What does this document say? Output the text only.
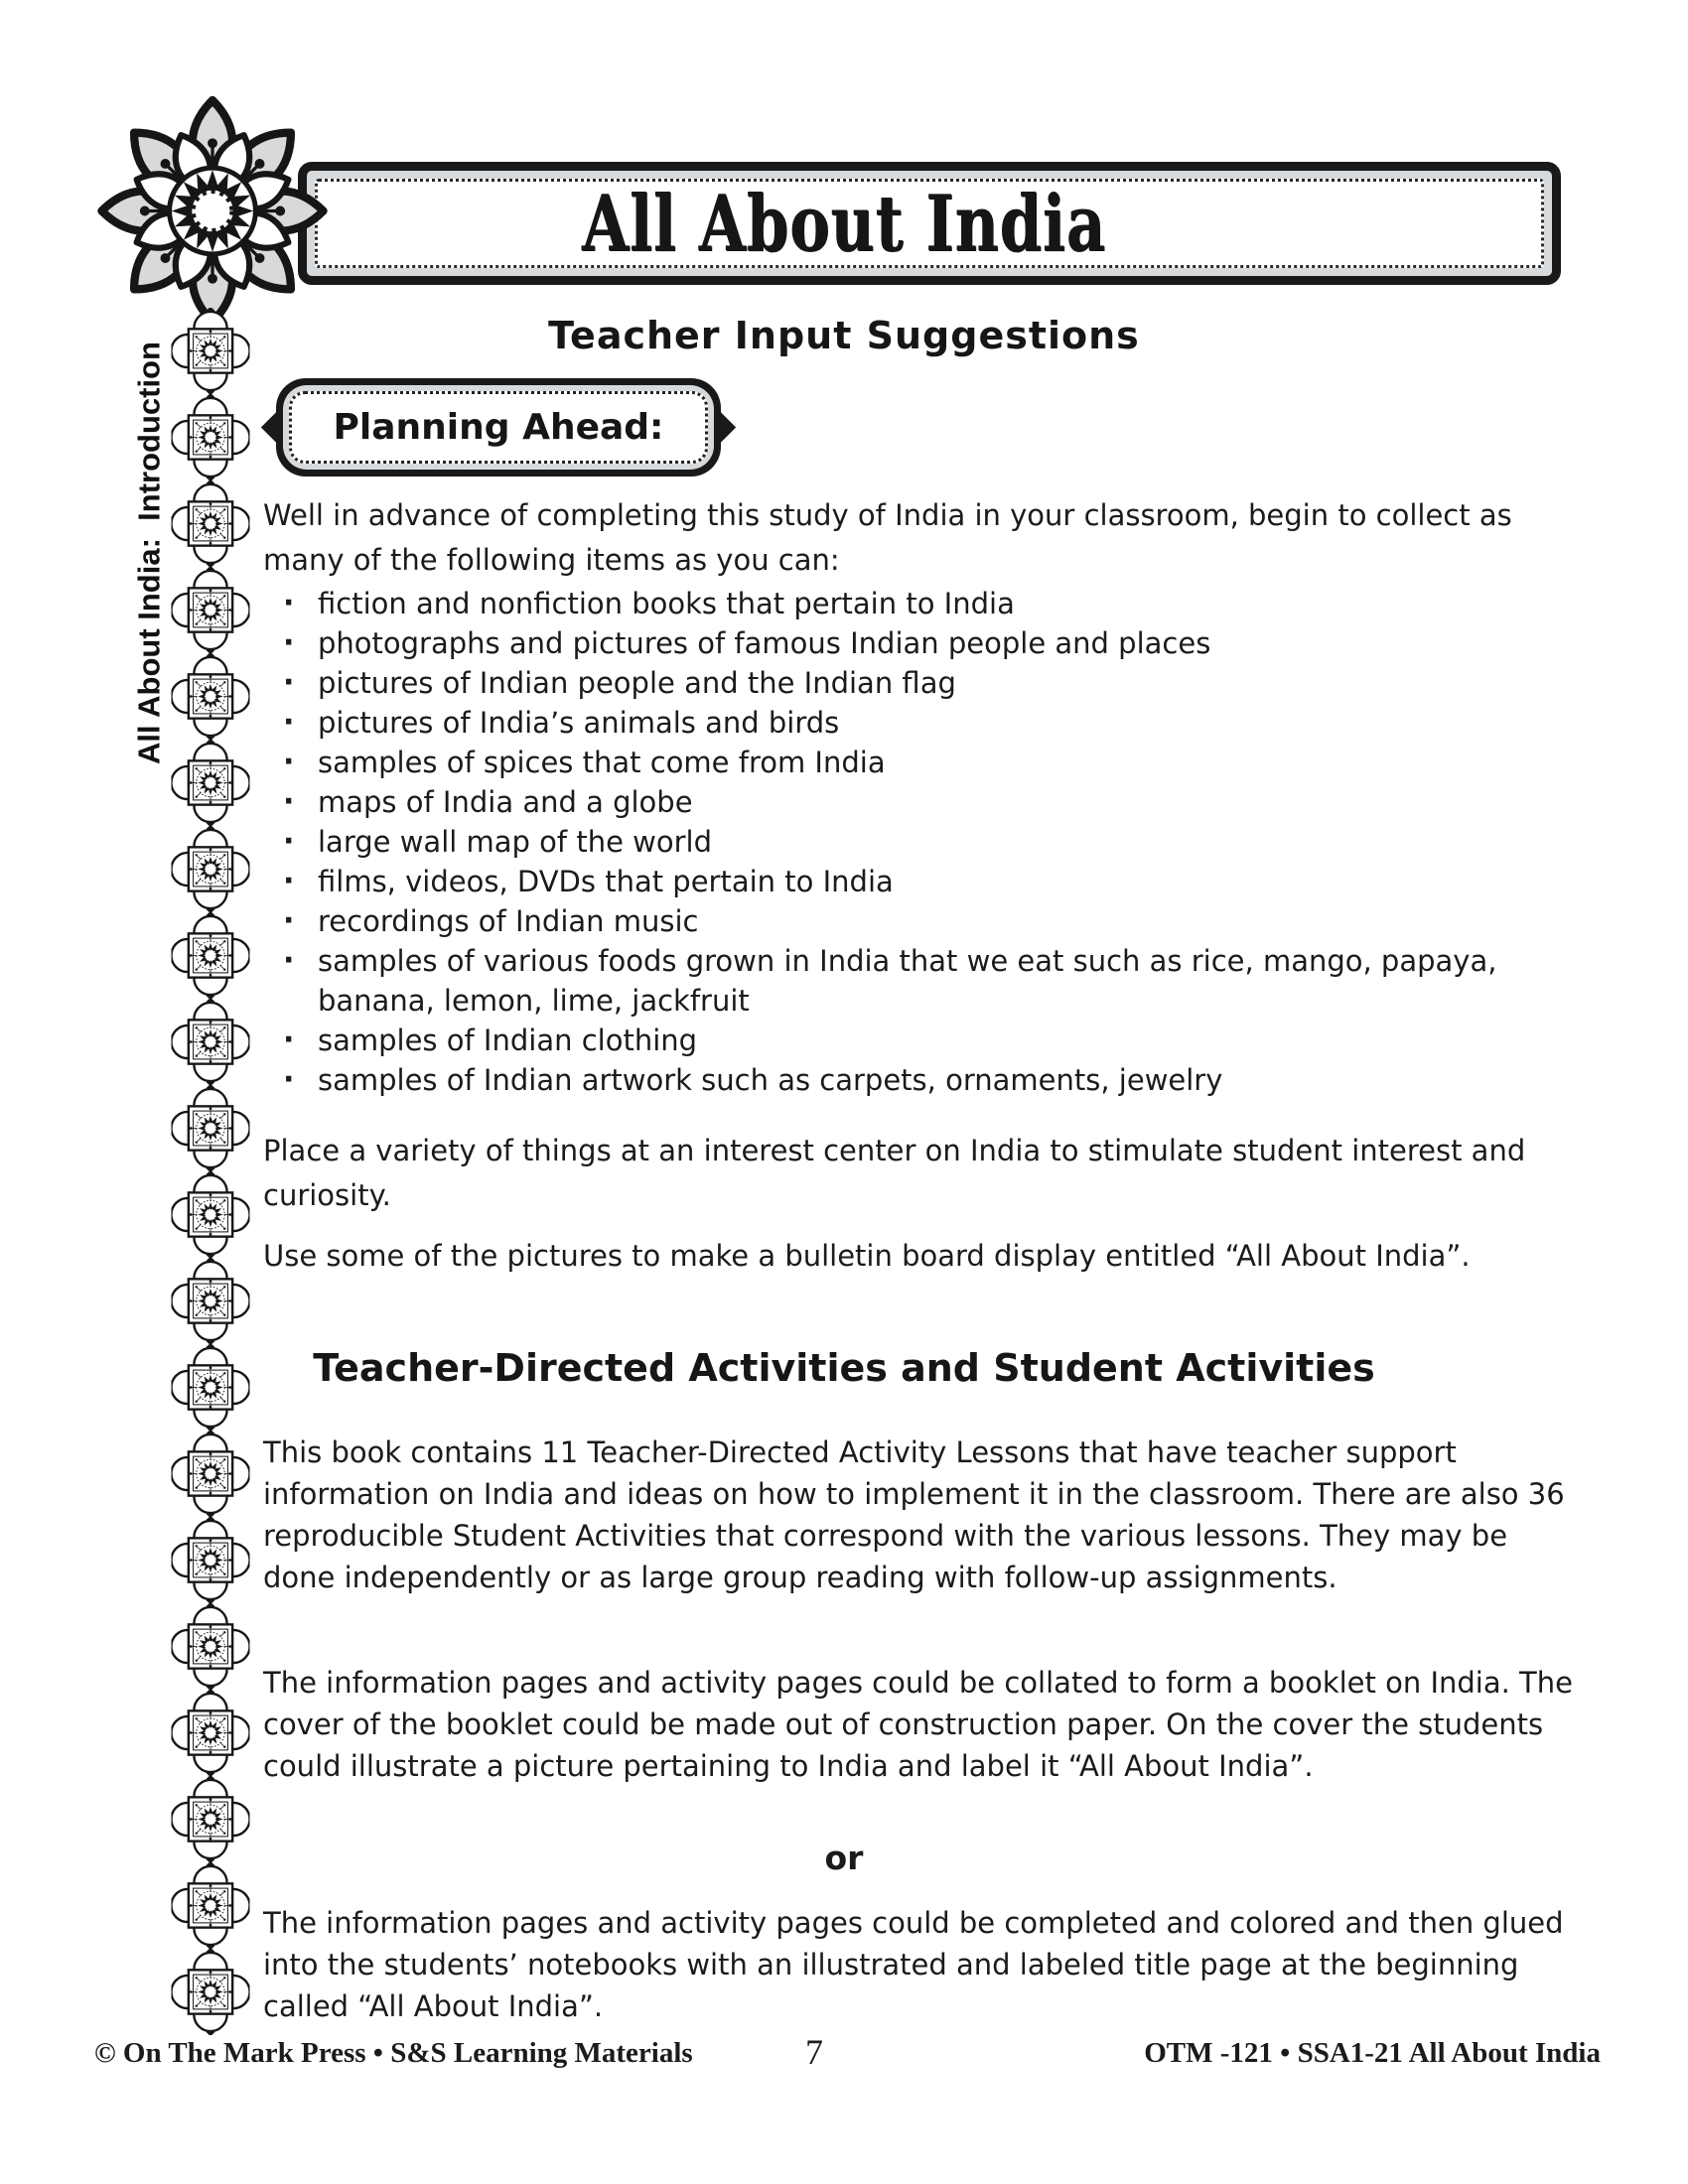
All About India
All About India:  Introduction
Teacher Input Suggestions
Planning Ahead:
Well in advance of completing this study of India in your classroom, begin to collect as many of the following items as you can:
· fiction and nonfiction books that pertain to India
· photographs and pictures of famous Indian people and places
· pictures of Indian people and the Indian flag
· pictures of India’s animals and birds
· samples of spices that come from India
· maps of India and a globe
· large wall map of the world
· films, videos, DVDs that pertain to India
· recordings of Indian music
· samples of various foods grown in India that we eat such as rice, mango, papaya, banana, lemon, lime, jackfruit
· samples of Indian clothing
· samples of Indian artwork such as carpets, ornaments, jewelry
Place a variety of things at an interest center on India to stimulate student interest and curiosity.
Use some of the pictures to make a bulletin board display entitled “All About India”.
Teacher-Directed Activities and Student Activities
This book contains 11 Teacher-Directed Activity Lessons that have teacher support information on India and ideas on how to implement it in the classroom. There are also 36 reproducible Student Activities that correspond with the various lessons. They may be done independently or as large group reading with follow-up assignments.
The information pages and activity pages could be collated to form a booklet on India. The cover of the booklet could be made out of construction paper. On the cover the students could illustrate a picture pertaining to India and label it “All About India”.
or
The information pages and activity pages could be completed and colored and then glued into the students’ notebooks with an illustrated and labeled title page at the beginning called “All About India”.
© On The Mark Press • S&S Learning Materials	7	OTM -121 • SSA1-21 All About India
